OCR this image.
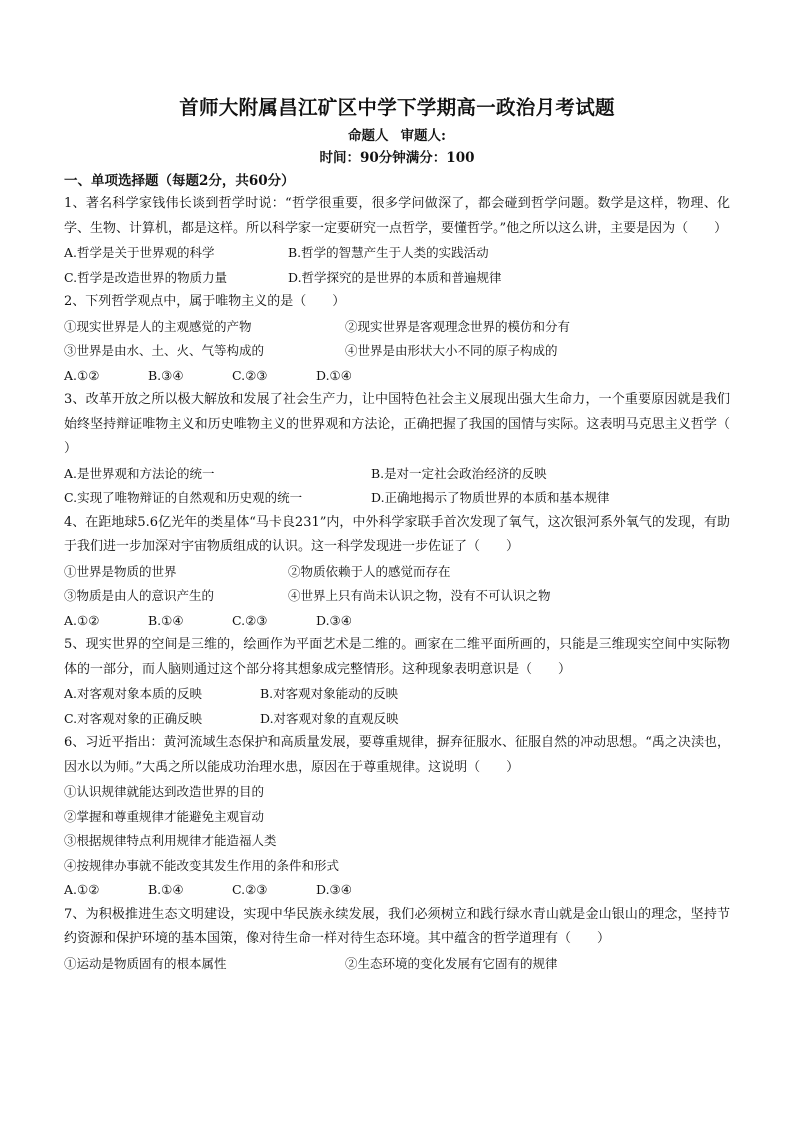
首师大附属昌江矿区中学下学期高一政治月考试题
命题人 审题人:
时间：90分钟满分：100
一、单项选择题（每题2分，共60分）
1、著名科学家钱伟长谈到哲学时说：“哲学很重要，很多学问做深了，都会碰到哲学问题。数学是这样，物理、化学、生物、计算机，都是这样。所以科学家一定要研究一点哲学，要懂哲学。”他之所以这么讲，主要是因为（　　）
A.哲学是关于世界观的科学	B.哲学的智慧产生于人类的实践活动
C.哲学是改造世界的物质力量	D.哲学探究的是世界的本质和普遍规律
2、下列哲学观点中，属于唯物主义的是（　　）
①现实世界是人的主观感觉的产物	②现实世界是客观理念世界的模仿和分有
③世界是由水、土、火、气等构成的	④世界是由形状大小不同的原子构成的
A.①②	B.③④	C.②③	D.①④
3、改革开放之所以极大解放和发展了社会生产力，让中国特色社会主义展现出强大生命力，一个重要原因就是我们始终坚持辩证唯物主义和历史唯物主义的世界观和方法论，正确把握了我国的国情与实际。这表明马克思主义哲学（　　）
A.是世界观和方法论的统一	B.是对一定社会政治经济的反映
C.实现了唯物辩证的自然观和历史观的统一	D.正确地揭示了物质世界的本质和基本规律
4、在距地球5.6亿光年的类星体“马卡良231”内，中外科学家联手首次发现了氧气，这次银河系外氧气的发现，有助于我们进一步加深对宇宙物质组成的认识。这一科学发现进一步佐证了（　　）
①世界是物质的世界	②物质依赖于人的感觉而存在
③物质是由人的意识产生的	④世界上只有尚未认识之物，没有不可认识之物
A.①②	B.①④	C.②③	D.③④
5、现实世界的空间是三维的，绘画作为平面艺术是二维的。画家在二维平面所画的，只能是三维现实空间中实际物体的一部分，而人脑则通过这个部分将其想象成完整情形。这种现象表明意识是（　　）
A.对客观对象本质的反映	B.对客观对象能动的反映
C.对客观对象的正确反映	D.对客观对象的直观反映
6、习近平指出：黄河流域生态保护和高质量发展，要尊重规律，摒弃征服水、征服自然的冲动思想。“禹之决渎也，因水以为师。”大禹之所以能成功治理水患，原因在于尊重规律。这说明（　　）
①认识规律就能达到改造世界的目的
②掌握和尊重规律才能避免主观盲动
③根据规律特点利用规律才能造福人类
④按规律办事就不能改变其发生作用的条件和形式
A.①②	B.①④	C.②③	D.③④
7、为积极推进生态文明建设，实现中华民族永续发展，我们必须树立和践行绿水青山就是金山银山的理念，坚持节约资源和保护环境的基本国策，像对待生命一样对待生态环境。其中蕴含的哲学道理有（　　）
①运动是物质固有的根本属性	②生态环境的变化发展有它固有的规律
